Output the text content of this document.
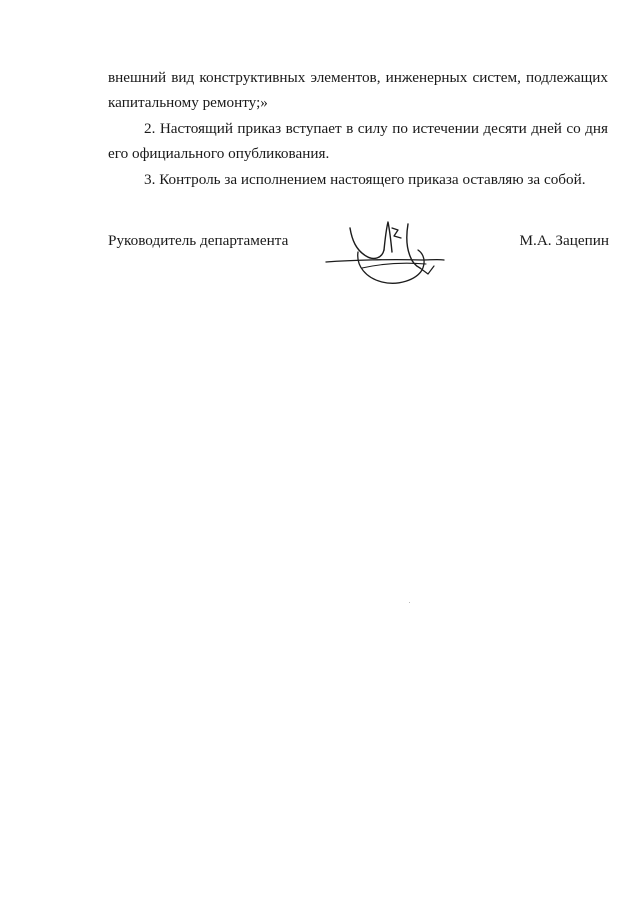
внешний вид конструктивных элементов, инженерных систем, подлежащих
капитальному ремонту;»

2. Настоящий приказ вступает в силу по истечении десяти дней со дня
его официального опубликования.

3. Контроль за исполнением настоящего приказа оставляю за собой.

Руководитель департамента	М.А. Зацепин
